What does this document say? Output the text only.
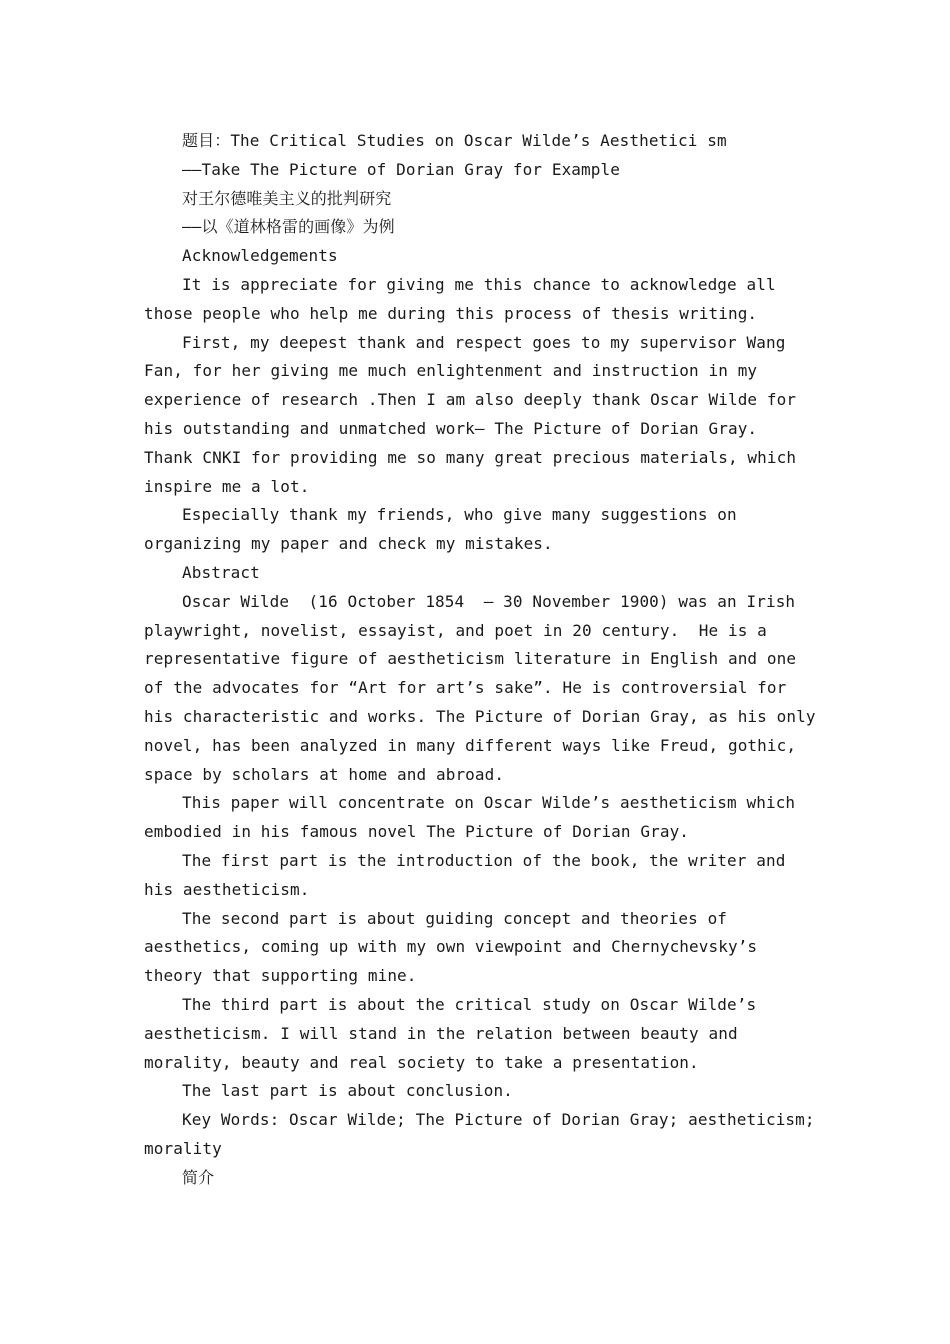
题目：The Critical Studies on Oscar Wilde’s Aesthetici sm
——Take The Picture of Dorian Gray for Example
对王尔德唯美主义的批判研究
——以《道林格雷的画像》为例
Acknowledgements
It is appreciate for giving me this chance to acknowledge all
those people who help me during this process of thesis writing.
First, my deepest thank and respect goes to my supervisor Wang
Fan, for her giving me much enlightenment and instruction in my
experience of research .Then I am also deeply thank Oscar Wilde for
his outstanding and unmatched work— The Picture of Dorian Gray.
Thank CNKI for providing me so many great precious materials, which
inspire me a lot.
Especially thank my friends, who give many suggestions on
organizing my paper and check my mistakes.
Abstract
Oscar Wilde  (16 October 1854  – 30 November 1900) was an Irish
playwright, novelist, essayist, and poet in 20 century.  He is a
representative figure of aestheticism literature in English and one
of the advocates for “Art for art’s sake”. He is controversial for
his characteristic and works. The Picture of Dorian Gray, as his only
novel, has been analyzed in many different ways like Freud, gothic,
space by scholars at home and abroad.
This paper will concentrate on Oscar Wilde’s aestheticism which
embodied in his famous novel The Picture of Dorian Gray.
The first part is the introduction of the book, the writer and
his aestheticism.
The second part is about guiding concept and theories of
aesthetics, coming up with my own viewpoint and Chernychevsky’s
theory that supporting mine.
The third part is about the critical study on Oscar Wilde’s
aestheticism. I will stand in the relation between beauty and
morality, beauty and real society to take a presentation.
The last part is about conclusion.
Key Words: Oscar Wilde; The Picture of Dorian Gray; aestheticism;
morality
简介
